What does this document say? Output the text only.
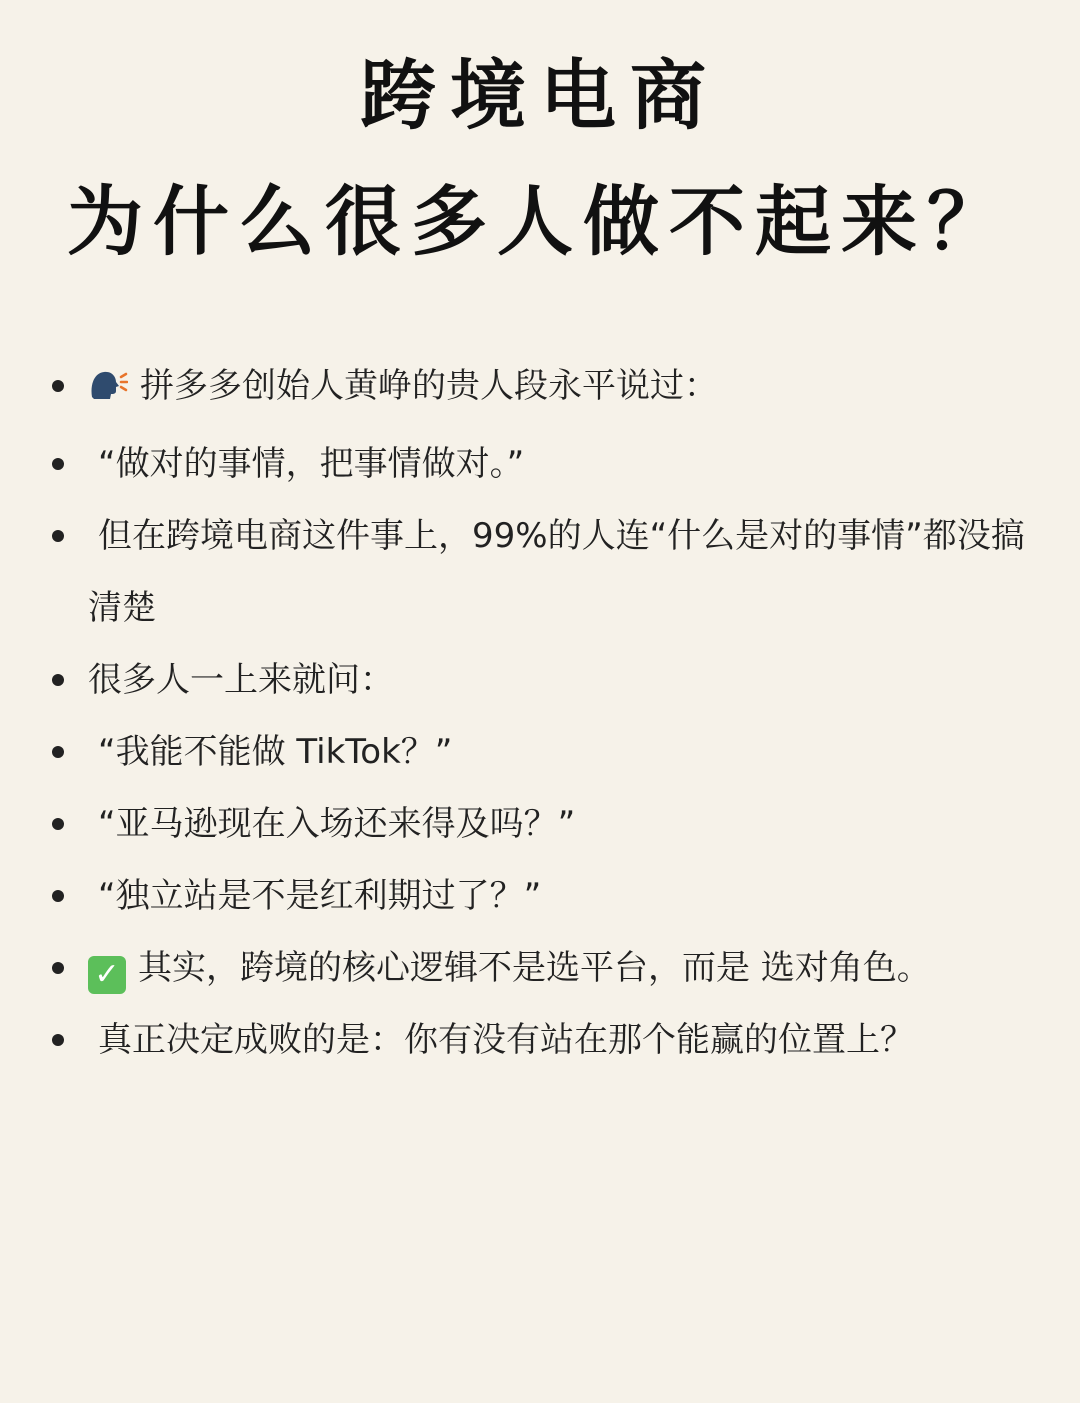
跨境电商
为什么很多人做不起来？
拼多多创始人黄峥的贵人段永平说过：
“做对的事情，把事情做对。”
但在跨境电商这件事上，99%的人连“什么是对的事情”都没搞清楚
很多人一上来就问：
“我能不能做 TikTok？”
“亚马逊现在入场还来得及吗？”
“独立站是不是红利期过了？”
✓ 其实，跨境的核心逻辑不是选平台，而是 选对角色。
真正决定成败的是：你有没有站在那个能赢的位置上？
